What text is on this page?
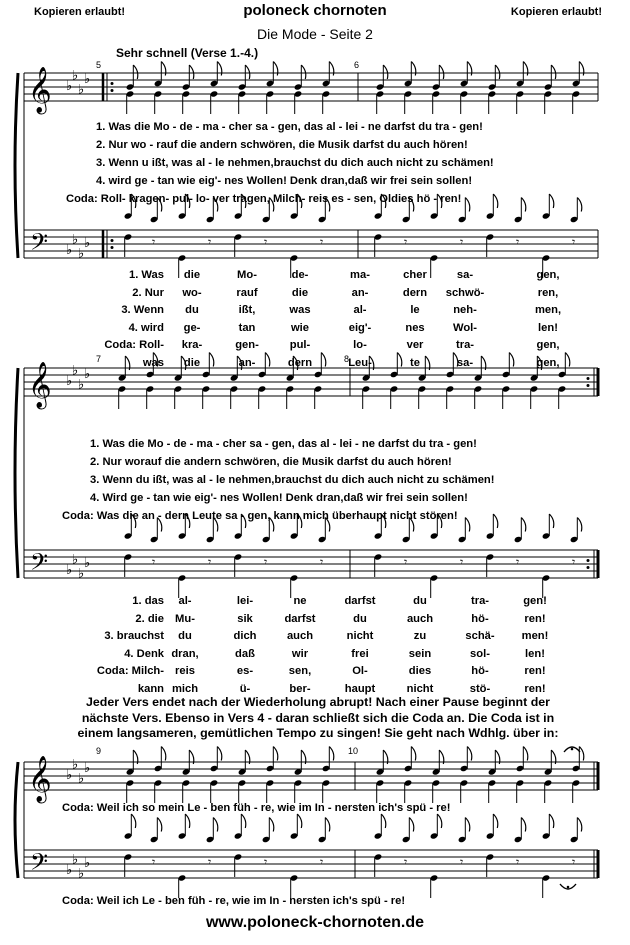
Kopieren erlaubt!	poloneck chornoten	Kopieren erlaubt!
Die Mode - Seite 2
Sehr schnell (Verse 1.-4.)
5	6
7	8
9	10
𝄞
𝄢
♭
♭
♭
♭
♭
♭
♭
♭	𝄾	𝄾	𝄾	𝄾	𝄾	𝄾	𝄾	𝄾
𝄞
𝄢
♭
♭
♭
♭
♭
♭
♭
♭	𝄾	𝄾	𝄾	𝄾	𝄾	𝄾	𝄾	𝄾
𝄞
𝄢
♭
♭
♭
♭
♭
♭
♭
♭	𝄾	𝄾	𝄾	𝄾	𝄾	𝄾	𝄾	𝄾
1. Was die Mo - de - ma - cher sa - gen, das al - lei - ne darfst du tra - gen!
2. Nur wo - rauf die andern schwören, die Musik darfst du auch hören!
3. Wenn u ißt, was al - le nehmen,brauchst du dich auch nicht zu schämen!
4. wird ge - tan wie eig'- nes Wollen! Denk dran,daß wir frei sein sollen!
Coda: Roll- kragen- pul- lo- ver tragen, Milch- reis es - sen, Oldies hö - ren!
1. Was	die	Mo-	de-	ma-	cher	sa-	gen,
2. Nur	wo-	rauf	die	an-	dern	schwö-	ren,
3. Wenn	du	ißt,	was	al-	le	neh-	men,
4. wird	ge-	tan	wie	eig'-	nes	Wol-	len!
Coda: Roll-	kra-	gen-	pul-	lo-	ver	tra-	gen,
was	die	an-	dern	Leu-	te	sa-	gen,
1. Was die Mo - de - ma - cher sa - gen, das al - lei - ne darfst du tra - gen!
2. Nur worauf die andern schwören, die Musik darfst du auch hören!
3. Wenn du ißt, was al - le nehmen,brauchst du dich auch nicht zu schämen!
4. Wird ge - tan wie eig'- nes Wollen! Denk dran,daß wir frei sein sollen!
Coda: Was die an - dern Leute sa - gen, kann mich überhaupt nicht stören!
1. das	al-	lei-	ne	darfst	du	tra-	gen!
2. die Mu-	sik	darfst	du	auch	hö-	ren!
3. brauchst	du	dich	auch	nicht	zu	schä-	men!
4. Denk dran,	daß	wir	frei	sein	sol-	len!
Coda: Milch- reis	es-	sen,	Ol-	dies	hö-	ren!
kann mich	ü-	ber-	haupt	nicht	stö-	ren!
Jeder Vers endet nach der Wiederholung abrupt! Nach einer Pause beginnt der
nächste Vers. Ebenso in Vers 4 - daran schließt sich die Coda an. Die Coda ist in
einem langsameren, gemütlichen Tempo zu singen! Sie geht nach Wdhlg. über in:
Coda: Weil ich so mein Le - ben füh - re, wie im In - nersten ich's spü - re!
Coda: Weil ich Le - ben füh - re, wie im In - nersten ich's spü - re!
www.poloneck-chornoten.de
